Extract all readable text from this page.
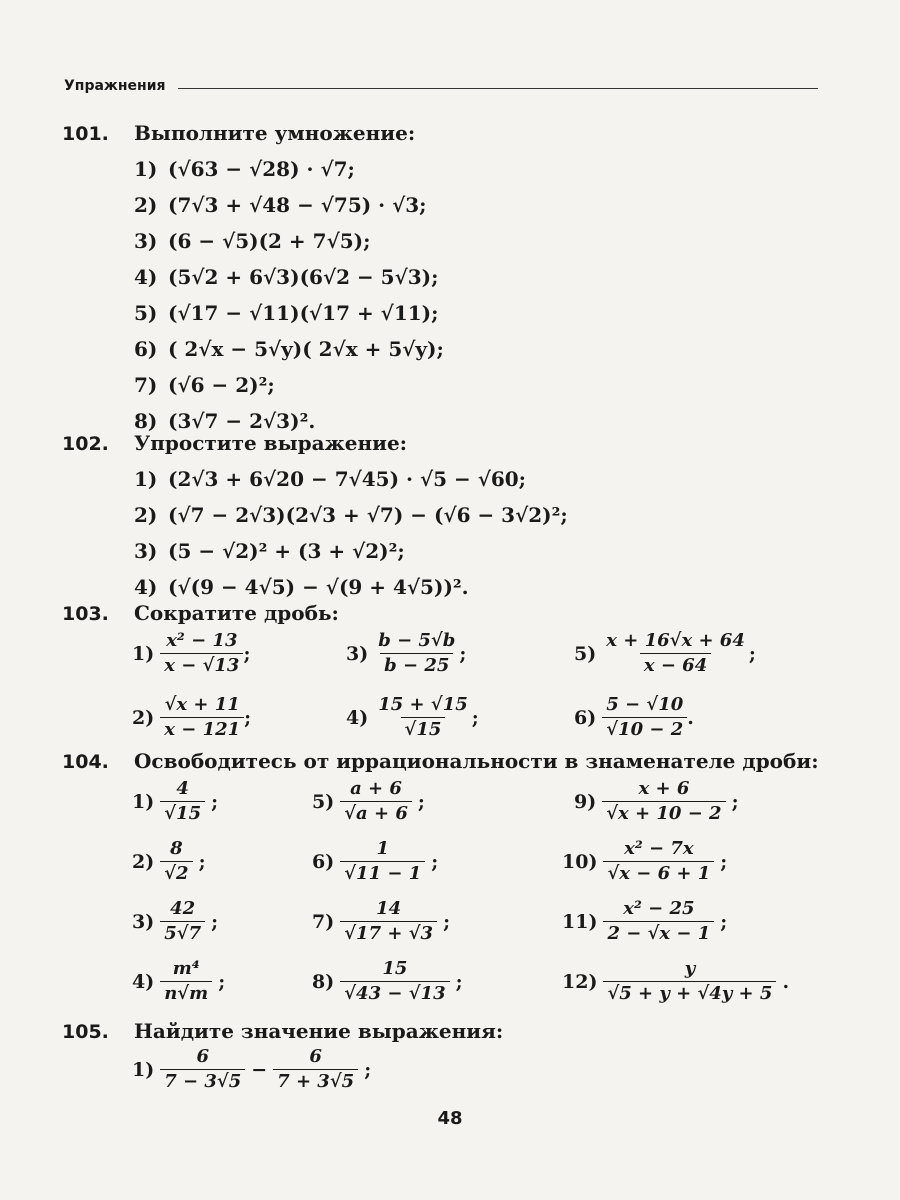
Упражнения
101. Выполните умножение:
1) (√63 − √28) · √7;
2) (7√3 + √48 − √75) · √3;
3) (6 − √5)(2 + 7√5);
4) (5√2 + 6√3)(6√2 − 5√3);
5) (√17 − √11)(√17 + √11);
6) ( 2√x − 5√y)( 2√x + 5√y);
7) (√6 − 2)²;
8) (3√7 − 2√3)².
102. Упростите выражение:
1) (2√3 + 6√20 − 7√45) · √5 − √60;
2) (√7 − 2√3)(2√3 + √7) − (√6 − 3√2)²;
3) (5 − √2)² + (3 + √2)²;
4) (√(9 − 4√5) − √(9 + 4√5))².
103. Сократите дробь:
$1) \frac{\text{x² − 13}}{x - √13}$ ;	$3) \frac{b - 5√b}{b - 25}$ ;	$5) \frac{x + 16√x + 64}{x - 64}$ ;
$2) \frac{√x + 11}{x - 121}$ ;	$4) \frac{15 + √15}{√15}$ ;	$6) \frac{5 - √10}{√10 - 2}$ .
104. Освободитесь от иррациональности в знаменателе дроби:
$1) \frac{4}{√15}$ ;	$5) \frac{a + 6}{√a + 6}$ ;	$9) \frac{x + 6}{√x + 10 - 2}$ ;
$2) \frac{8}{√2}$ ;	$6) \frac{1}{√11 - 1}$ ;	$10) \frac{\text{x² − 7x}}{√x - 6 + 1}$ ;
$3) \frac{42}{5√7}$ ;	$7) \frac{14}{√17 + √3}$ ;	$11) \frac{\text{x² − 25}}{2 - √x - 1}$ ;
$4) \frac{\text{m⁴}}{n√m}$ ;	$8) \frac{15}{√43 - √13}$ ;	$12) \frac{y}{√5 + y + √4y + 5}$ .
105. Найдите значение выражения:
$1) \frac{6}{7 - 3√5} - \frac{6}{7 + 3√5}$ ;
48
